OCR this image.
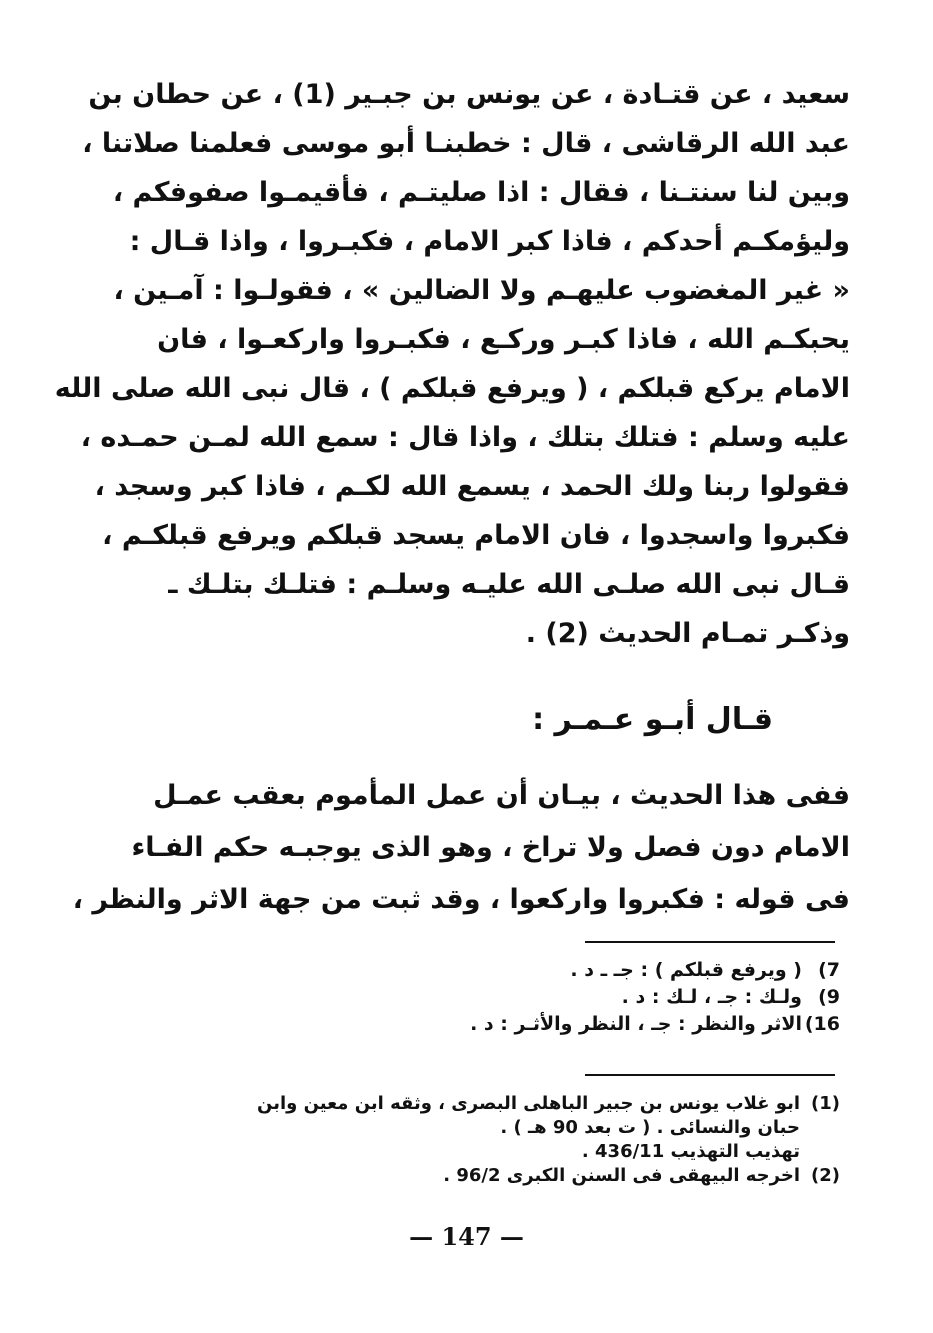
سعيد ، عن قتـادة ، عن يونس بن جبـير (1) ، عن حطان بن
عبد الله الرقاشى ، قال : خطبنـا أبو موسى فعلمنا صلاتنا ،
وبين لنا سنتـنا ، فقال : اذا صليتـم ، فأقيمـوا صفوفكم ،
وليؤمكـم أحدكم ، فاذا كبر الامام ، فكبـروا ، واذا قـال :
« غير المغضوب عليهـم ولا الضالين » ، فقولـوا : آمـين ،
يحبكـم الله ، فاذا كبـر وركـع ، فكبـروا واركعـوا ، فان
الامام يركع قبلكم ، ( ويرفع قبلكم ) ، قال نبى الله صلى الله
عليه وسلم : فتلك بتلك ، واذا قال : سمع الله لمـن حمـده ،
فقولوا ربنا ولك الحمد ، يسمع الله لكـم ، فاذا كبر وسجد ،
فكبروا واسجدوا ، فان الامام يسجد قبلكم ويرفع قبلكـم ،
قـال نبى الله صلـى الله عليـه وسلـم : فتلـك بتلـك ـ
وذكـر تمـام الحديث (2) .
قـال أبـو عـمـر :
ففى هذا الحديث ، بيـان أن عمل المأموم بعقب عمـل
الامام دون فصل ولا تراخ ، وهو الذى يوجبـه حكم الفـاء
فى قوله : فكبروا واركعوا ، وقد ثبت من جهة الاثر والنظر ،
7)
( ويرفع قبلكم ) : جـ ـ د .
9)
ولـك : جـ ، لـك : د .
16)
الاثر والنظر : جـ ، النظر والأثـر : د .
(1)
ابو غلاب يونس بن جبير الباهلى البصرى ، وثقه ابن معين وابن
حبان والنسائى . ( ت بعد 90 هـ ) .
تهذيب التهذيب 436/11 .
(2)
اخرجه البيهقى فى السنن الكبرى 96/2 .
— 147 —
